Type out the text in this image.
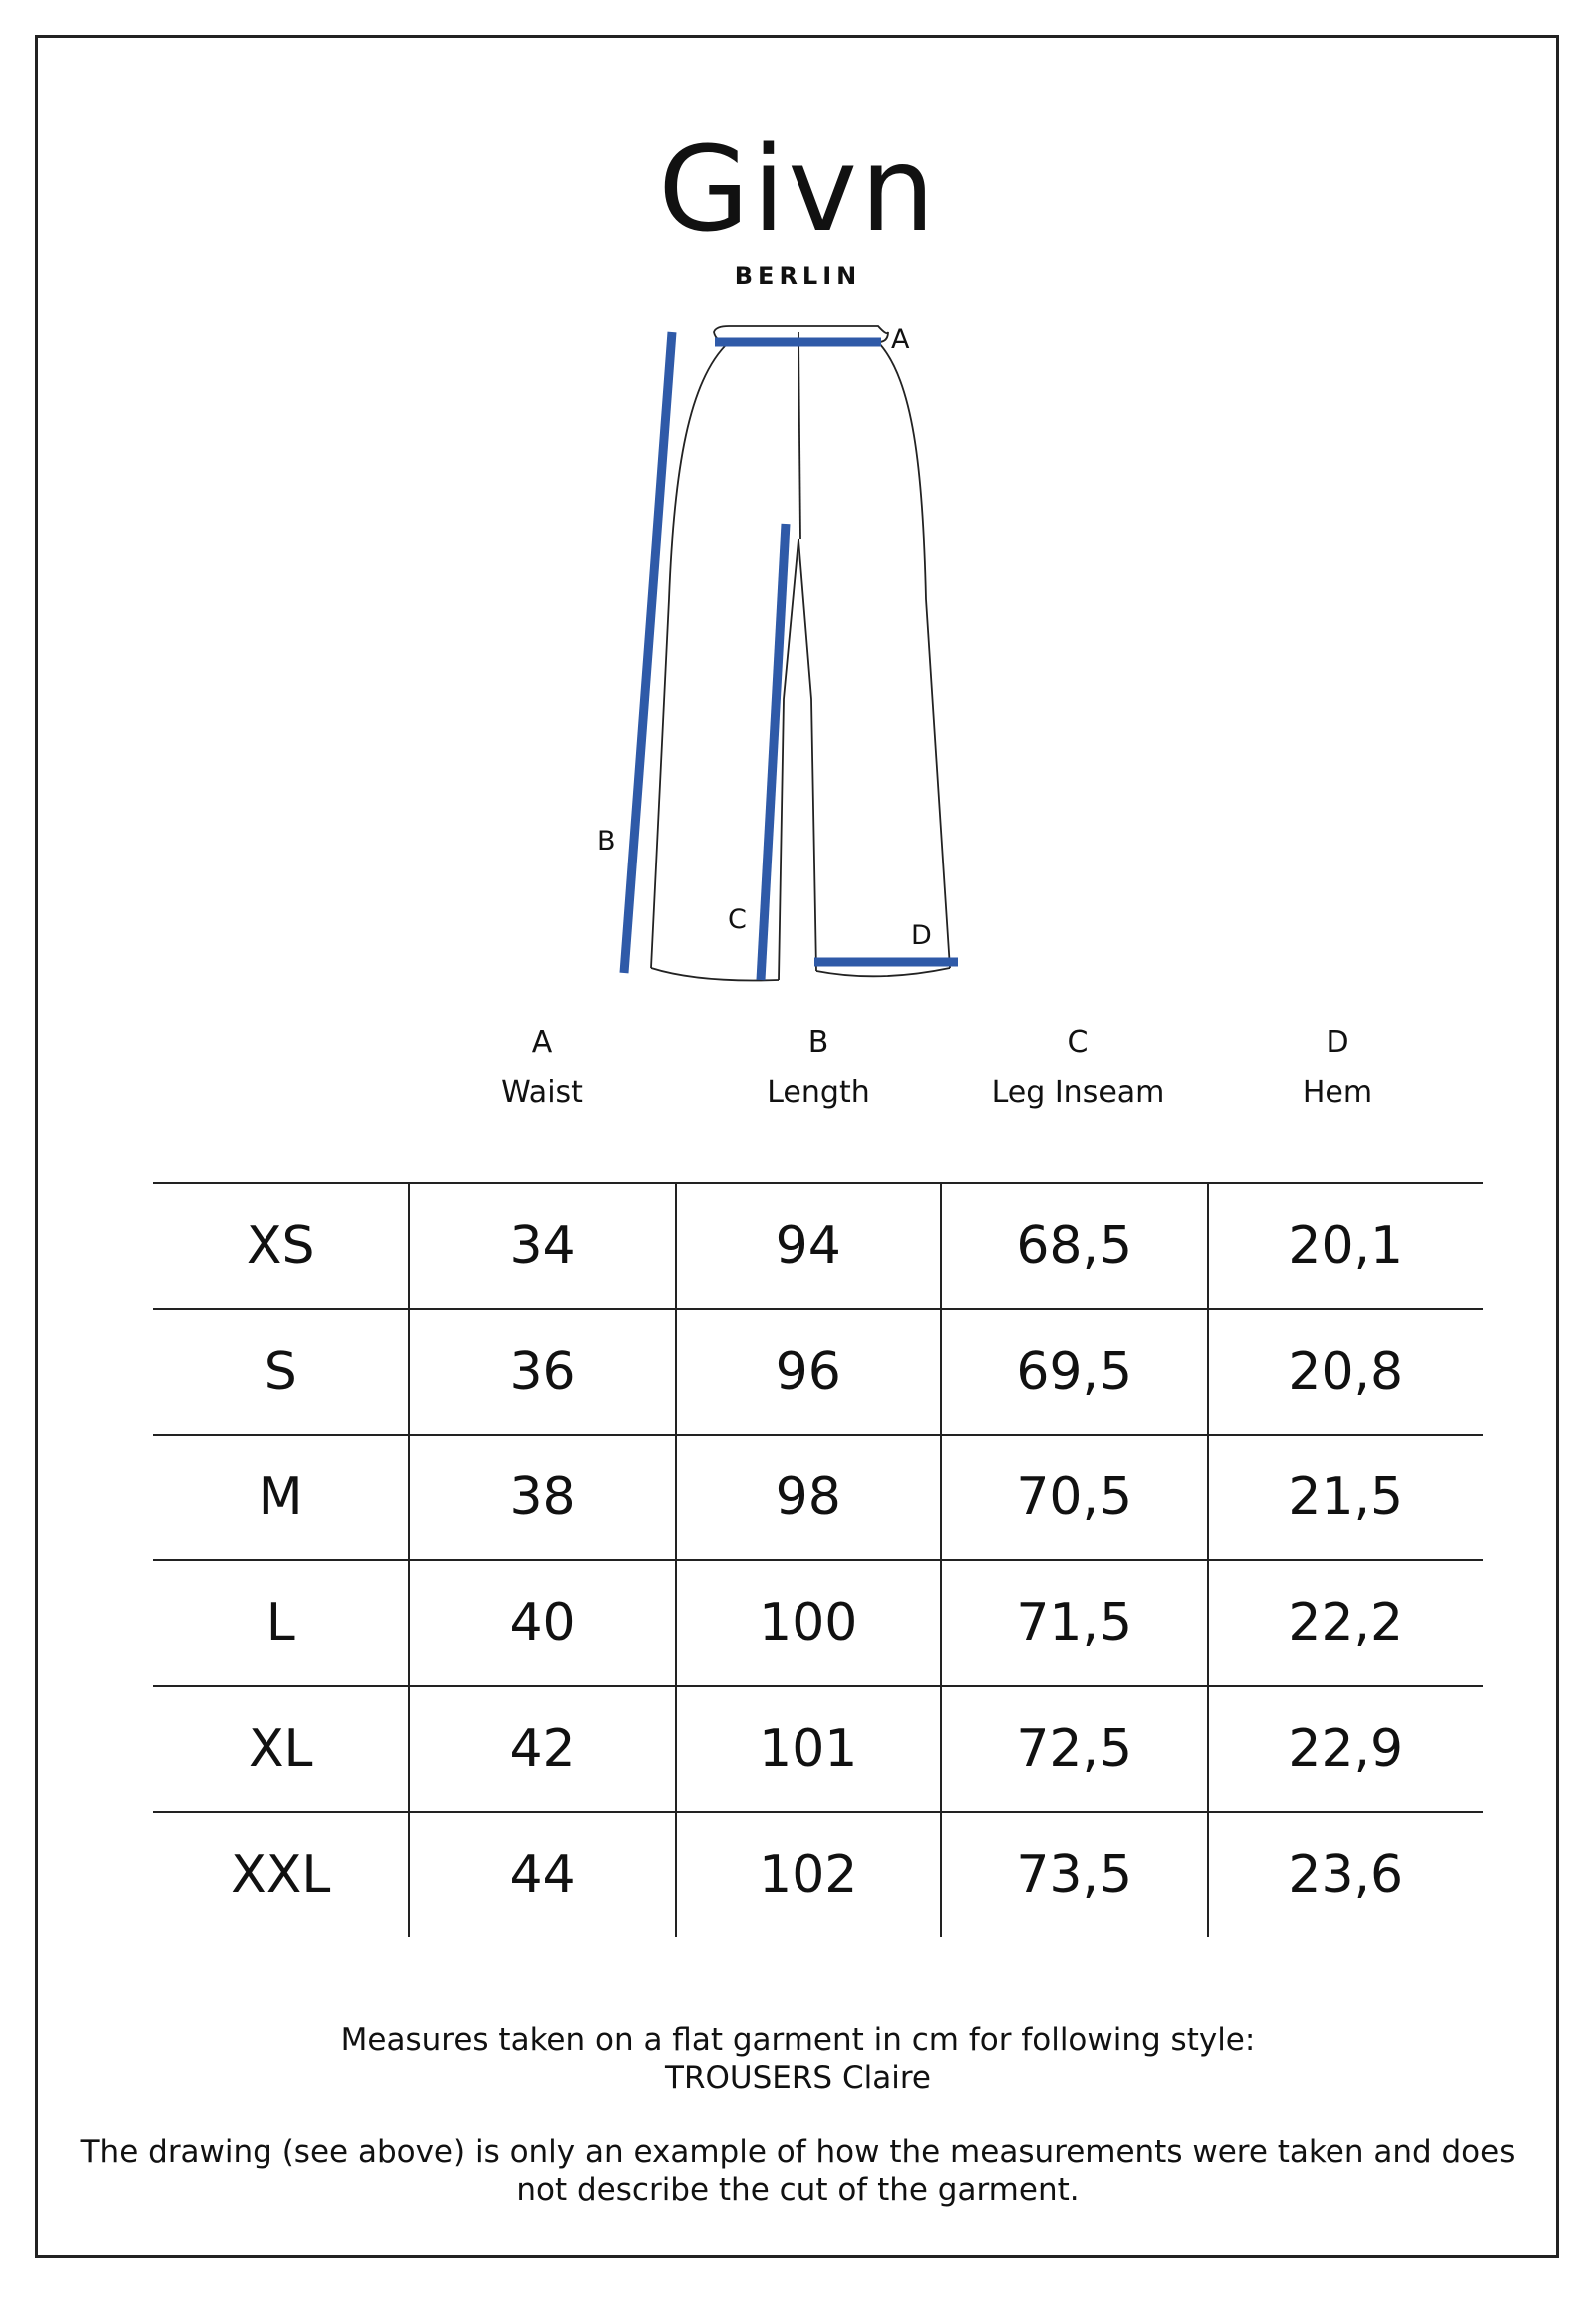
Givn
BERLIN
A
B
C
D
A
Waist
B
Length
C
Leg Inseam
D
Hem
XS	34	94	68,5	20,1
S	36	96	69,5	20,8
M	38	98	70,5	21,5
L	40	100	71,5	22,2
XL	42	101	72,5	22,9
XXL	44	102	73,5	23,6
Measures taken on a flat garment in cm for following style:
TROUSERS Claire
The drawing (see above) is only an example of how the measurements were taken and does
not describe the cut of the garment.
